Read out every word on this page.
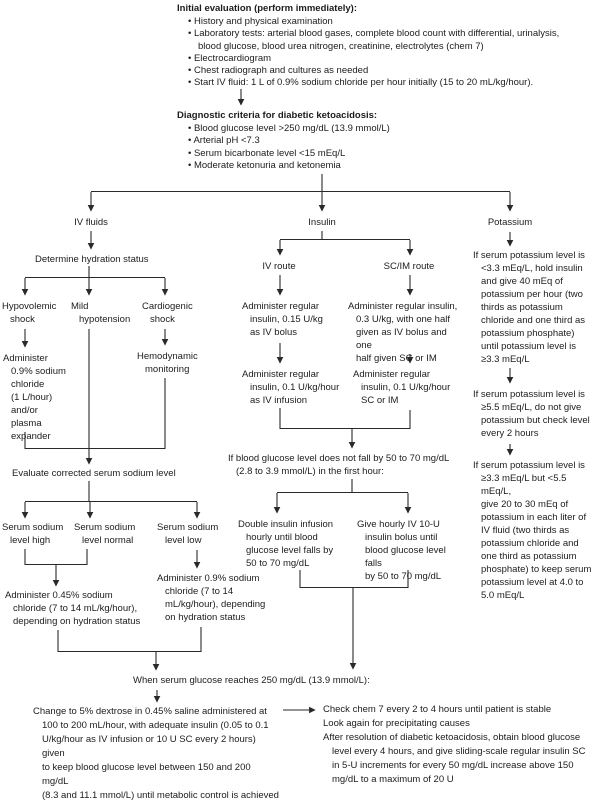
Initial evaluation (perform immediately):
• History and physical examination
• Laboratory tests: arterial blood gases, complete blood count with differential, urinalysis, blood glucose, blood urea nitrogen, creatinine, electrolytes (chem 7)
• Electrocardiogram
• Chest radiograph and cultures as needed
• Start IV fluid: 1 L of 0.9% sodium chloride per hour initially (15 to 20 mL/kg/hour).
Diagnostic criteria for diabetic ketoacidosis:
• Blood glucose level >250 mg/dL (13.9 mmol/L)
• Arterial pH <7.3
• Serum bicarbonate level <15 mEq/L
• Moderate ketonuria and ketonemia
IV fluids	Insulin	Potassium
Determine hydration status
Hypovolemic
shock
Mild
hypotension
Cardiogenic
shock
Administer
0.9% sodium
chloride
(1 L/hour)
and/or plasma
expander
Hemodynamic
monitoring
Evaluate corrected serum sodium level
Serum sodium
level high
Serum sodium
level normal
Serum sodium
level low
Administer 0.45% sodium
chloride (7 to 14 mL/kg/hour),
depending on hydration status
Administer 0.9% sodium
chloride (7 to 14
mL/kg/hour), depending
on hydration status
IV route	SC/IM route
Administer regular
insulin, 0.15 U/kg
as IV bolus
Administer regular insulin,
0.3 U/kg, with one half
given as IV bolus and one
half given SC or IM
Administer regular
insulin, 0.1 U/kg/hour
as IV infusion
Administer regular
insulin, 0.1 U/kg/hour
SC or IM
If blood glucose level does not fall by 50 to 70 mg/dL
(2.8 to 3.9 mmol/L) in the first hour:
Double insulin infusion
hourly until blood
glucose level falls by
50 to 70 mg/dL
Give hourly IV 10-U
insulin bolus until
blood glucose level falls
by 50 to 70 mg/dL
If serum potassium level is
<3.3 mEq/L, hold insulin
and give 40 mEq of
potassium per hour (two
thirds as potassium
chloride and one third as
potassium phosphate)
until potassium level is
≥3.3 mEq/L
If serum potassium level is
≥5.5 mEq/L, do not give
potassium but check level
every 2 hours
If serum potassium level is
≥3.3 mEq/L but <5.5 mEq/L,
give 20 to 30 mEq of
potassium in each liter of
IV fluid (two thirds as
potassium chloride and
one third as potassium
phosphate) to keep serum
potassium level at 4.0 to
5.0 mEq/L
When serum glucose reaches 250 mg/dL (13.9 mmol/L):
Change to 5% dextrose in 0.45% saline administered at
100 to 200 mL/hour, with adequate insulin (0.05 to 0.1
U/kg/hour as IV infusion or 10 U SC every 2 hours) given
to keep blood glucose level between 150 and 200 mg/dL
(8.3 and 11.1 mmol/L) until metabolic control is achieved
Check chem 7 every 2 to 4 hours until patient is stable
Look again for precipitating causes
After resolution of diabetic ketoacidosis, obtain blood glucose
level every 4 hours, and give sliding-scale regular insulin SC
in 5-U increments for every 50 mg/dL increase above 150
mg/dL to a maximum of 20 U
